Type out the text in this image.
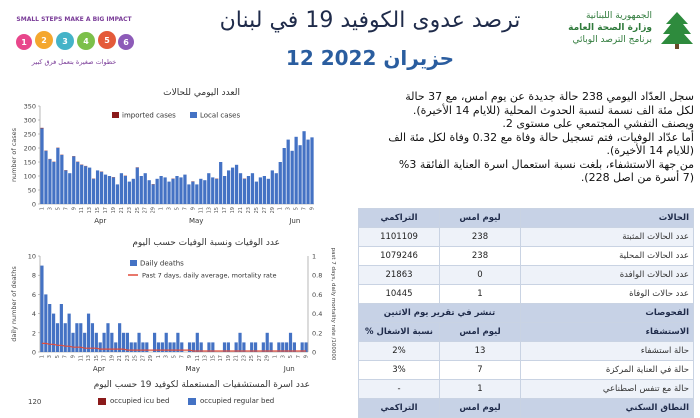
SMALL STEPS MAKE A BIG IMPACT
1 2 3 4 5 6
خطوات صغيرة بتعمل فرق كبير
ترصد عدوى الكوفيد 19 في لبنان
12 حزيران 2022
الجمهورية اللبنانية
وزارة الصحة العامة
برنامج الترصد الوبائي
العدد اليومي للحالات
0
50
100
150
200
250
300
350
number of cases
1 3 5 7 9 11 13 15 17 19 21 23 25 27 29 1 3 5 7 9 11 13 15 17 19 21 23 25 27 29 1 3 5 7 9
Apr	May	Jun
imported cases	Local cases
عدد الوفيات ونسبة الوفيات حسب اليوم
0
2
4
6
8
10
daily number of deaths
1 3 5 7 9 11 13 15 17 19 21 23 25 27 29 1 3 5 7 9 11 13 15 17 19 21 23 25 27 29 1 3 5 7 9
Apr	May	Jun
0
0.2
0.4
0.6
0.8
1	past 7 days, daily mortality rate /100000
Daily deaths
Past 7 days, daily average, mortality rate
عدد اسرة المستشفيات المستعملة لكوفيد 19 حسب اليوم
120	occupied icu bed	occupied regular bed

سجل العدّاد اليومي 238 حالة جديدة عن يوم امس، مع 37 حالة

لكل مئة الف نسمة لنسبة الحدوث المحلية (للايام 14 الأخيرة).

ويصنف التفشي المجتمعي على مستوى 2.

أما عدّاد الوفيات، فتم تسجيل حالة وفاة مع 0.32 وفاة لكل مئة الف

(للايام 14 الأخيرة).

من جهة الاستشفاء، بلغت نسبة استعمال اسرة العناية الفائقة 3%

(7 أسرة من اصل 228).

التراكمي	ليوم امس	الحالات
1101109	238	عدد الحالات المثبتة
1079246	238	عدد الحالات المحلية
21863	0	عدد الحالات الوافدة
10445	1	عدد حالات الوفاة
تنشر في تقرير يوم الاثنين		الفحوصات
% نسبة الاشغال	ليوم امس	الاستشفاء
2%	13	حالة استشفاء
3%	7	حالة في العناية المركزة
-	1	حالة مع تنفس اصطناعي
التراكمي	ليوم امس	النطاق السكني
